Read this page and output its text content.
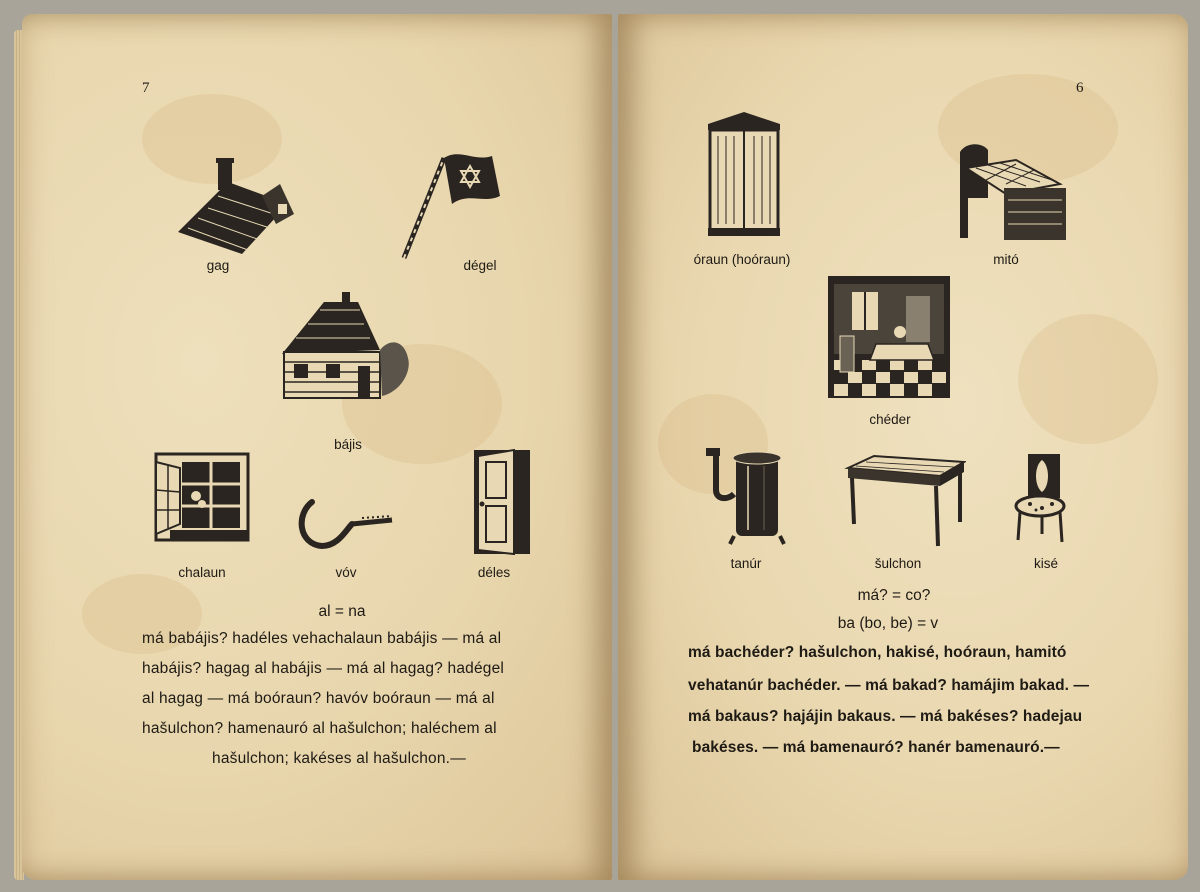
7
gag	dégel
bájis
chalaun	vóv	déles
al = na
má babájis? hadéles vehachalaun babájis — má al
habájis? hagag al habájis — má al hagag? hadégel
al hagag — má boóraun? havóv boóraun — má al
hašulchon? hamenauró al hašulchon; haléchem al
hašulchon; kakéses al hašulchon.—
6
óraun (hoóraun)	mitó
chéder
tanúr	šulchon	kisé
má? = co?
ba (bo, be) = v
má bachéder? hašulchon, hakisé, hoóraun, hamitó
vehatanúr bachéder. — má bakad? hamájim bakad. —
má bakaus? hajájin bakaus. — má bakéses? hadejau
bakéses. — má bamenauró? hanér bamenauró.—
